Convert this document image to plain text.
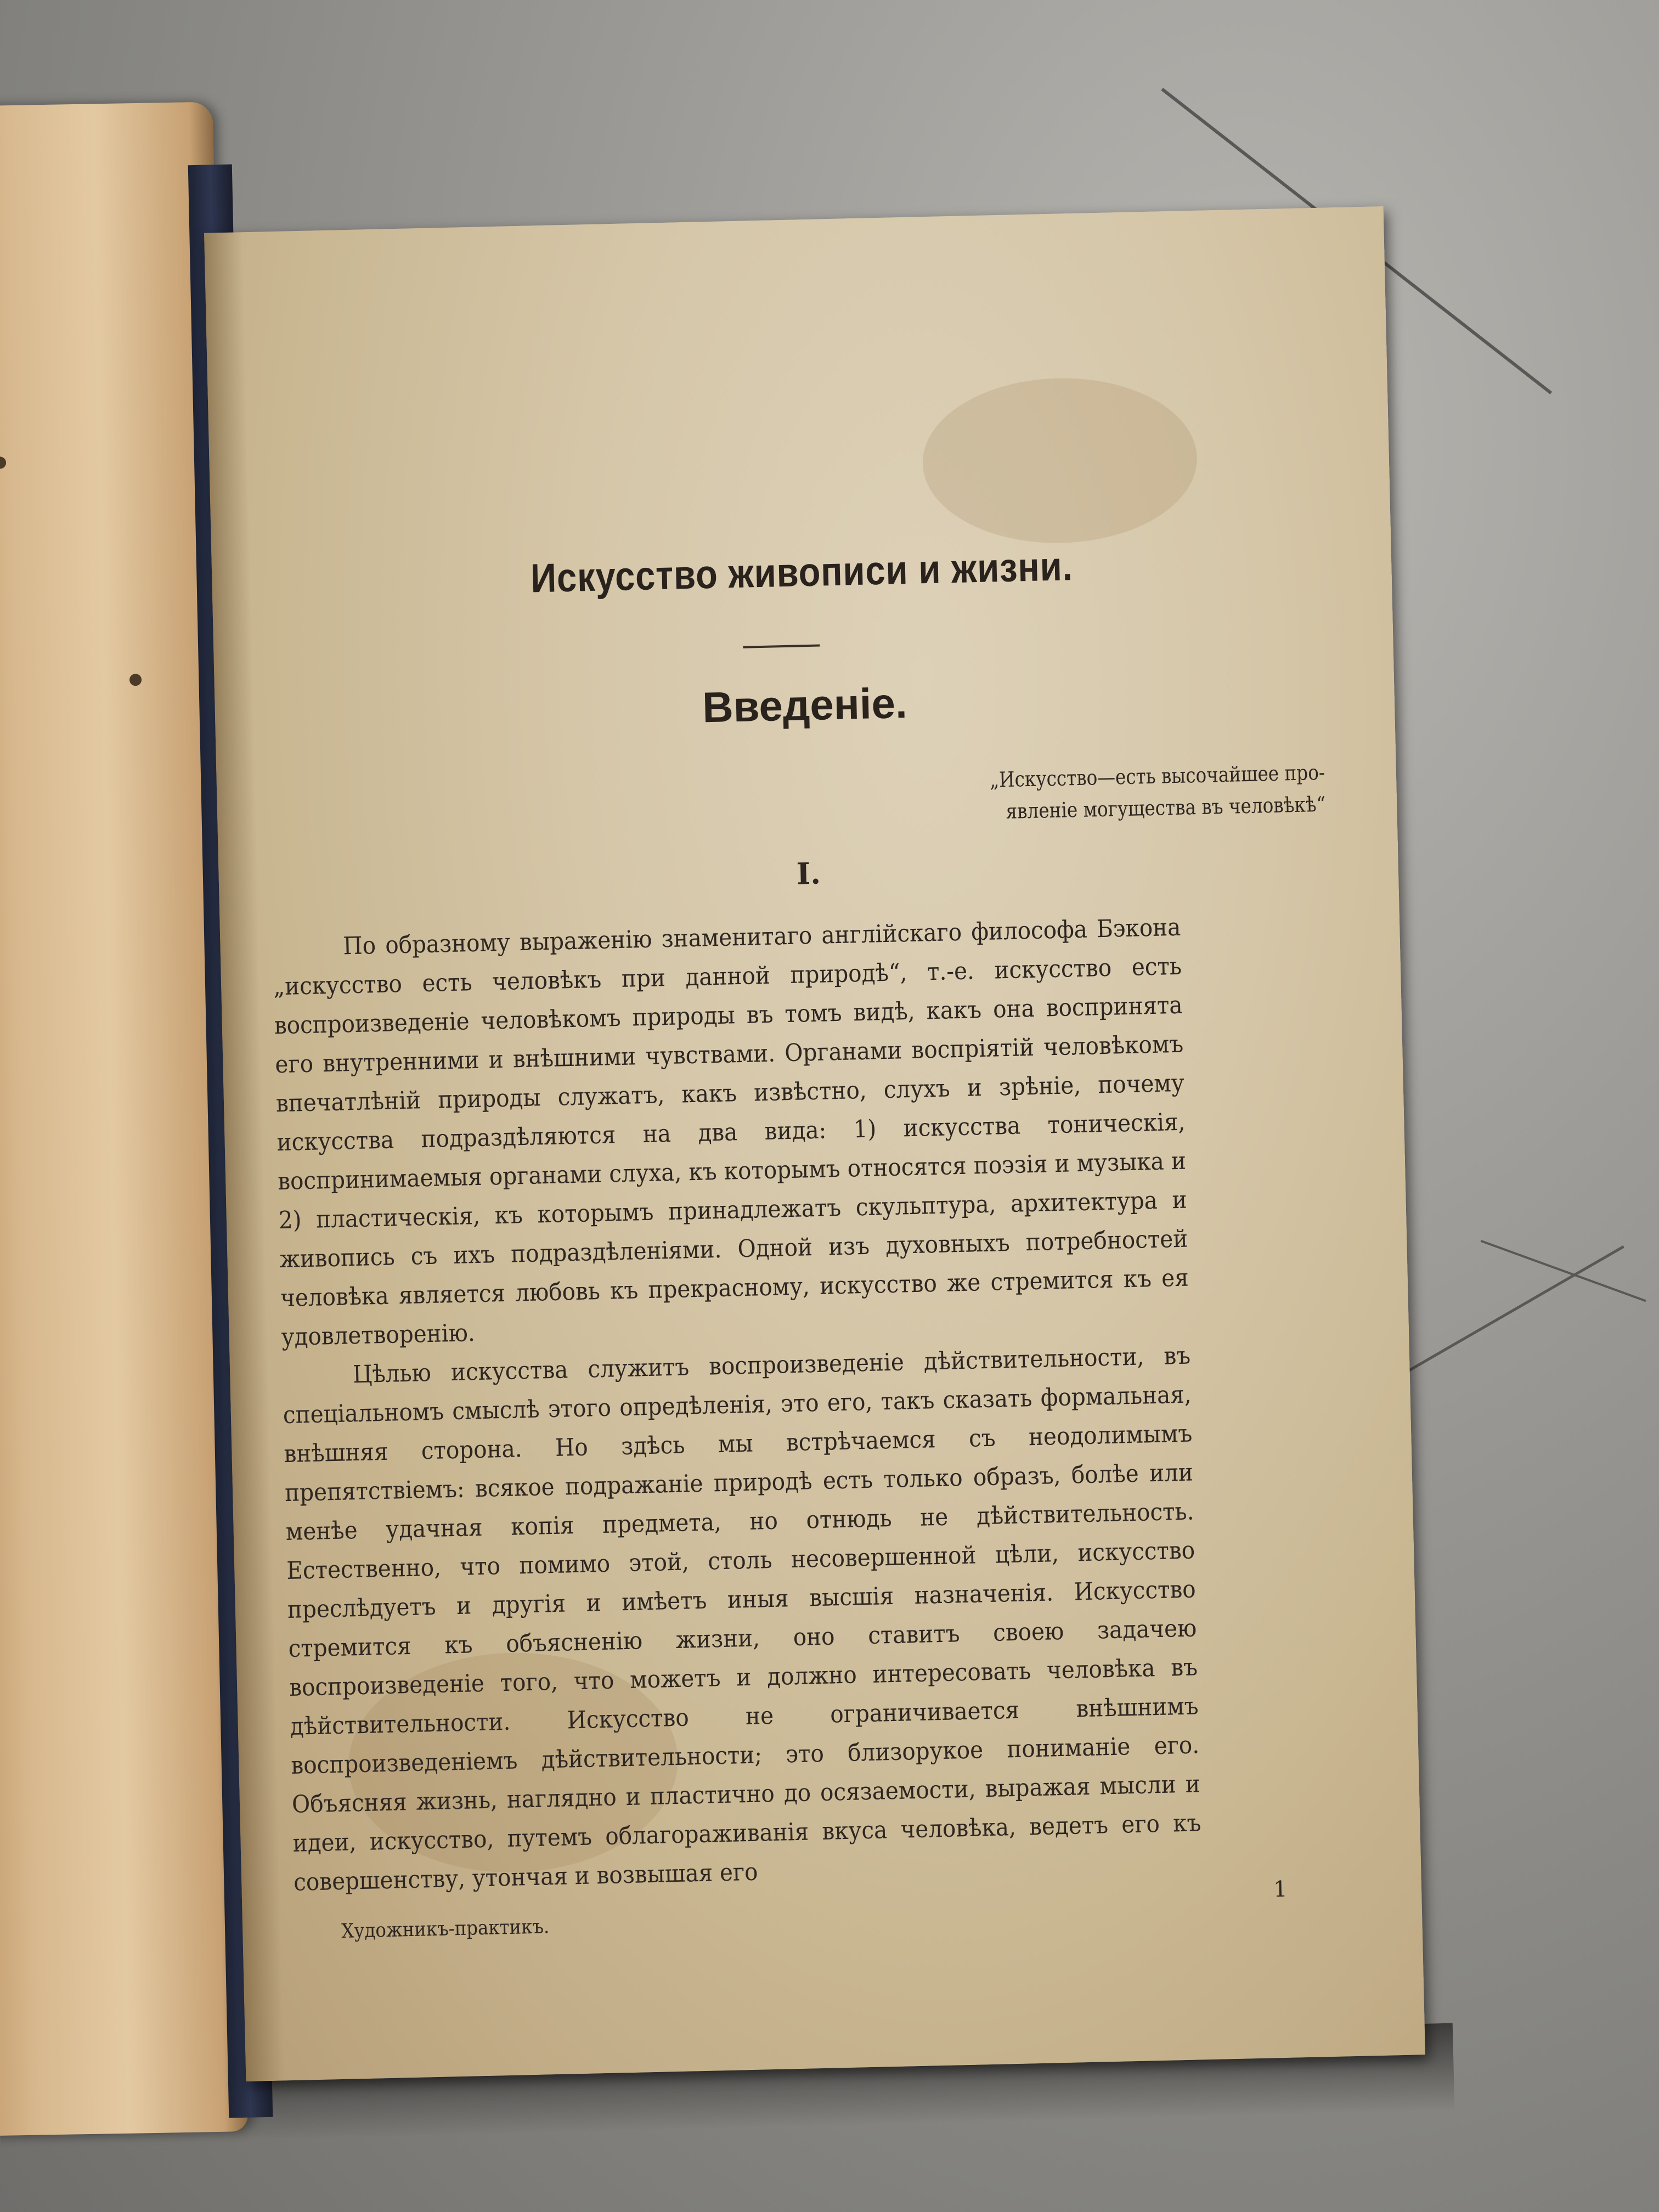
Искусство живописи и жизни.
Введеніе.
„Искусство—есть высочайшее про-
явленіе могущества въ человѣкѣ“
I.

По образному выраженію знаменитаго англійскаго философа Бэкона „искусство есть человѣкъ при данной природѣ“, т.-е. искусство есть воспроизведеніе человѣкомъ природы въ томъ видѣ, какъ она воспринята его внутренними и внѣшними чувствами. Органами воспріятій человѣкомъ впечатлѣній природы служатъ, какъ извѣстно, слухъ и зрѣніе, почему искусства подраздѣляются на два вида: 1) искусства тоническія, воспринимаемыя органами слуха, къ которымъ относятся поэзія и музыка и 2) пластическія, къ которымъ принадлежатъ скульптура, архитектура и живопись съ ихъ подраздѣленіями. Одной изъ духовныхъ потребностей человѣка является любовь къ прекрасному, искусство же стремится къ ея удовлетворенію.

Цѣлью искусства служитъ воспроизведеніе дѣйствительности, въ спеціальномъ смыслѣ этого опредѣленія, это его, такъ сказать формальная, внѣшняя сторона. Но здѣсь мы встрѣчаемся съ неодолимымъ препятствіемъ: всякое подражаніе природѣ есть только образъ, болѣе или менѣе удачная копія предмета, но отнюдь не дѣйствительность. Естественно, что помимо этой, столь несовершенной цѣли, искусство преслѣдуетъ и другія и имѣетъ иныя высшія назначенія. Искусство стремится къ объясненію жизни, оно ставитъ своею задачею воспроизведеніе того, что можетъ и должно интересовать человѣка въ дѣйствительности. Искусство не ограничивается внѣшнимъ воспроизведеніемъ дѣйствительности; это близорукое пониманіе его. Объясняя жизнь, наглядно и пластично до осязаемости, выражая мысли и идеи, искусство, путемъ облагораживанія вкуса человѣка, ведетъ его къ совершенству, утончая и возвышая его	1
Художникъ-практикъ.
